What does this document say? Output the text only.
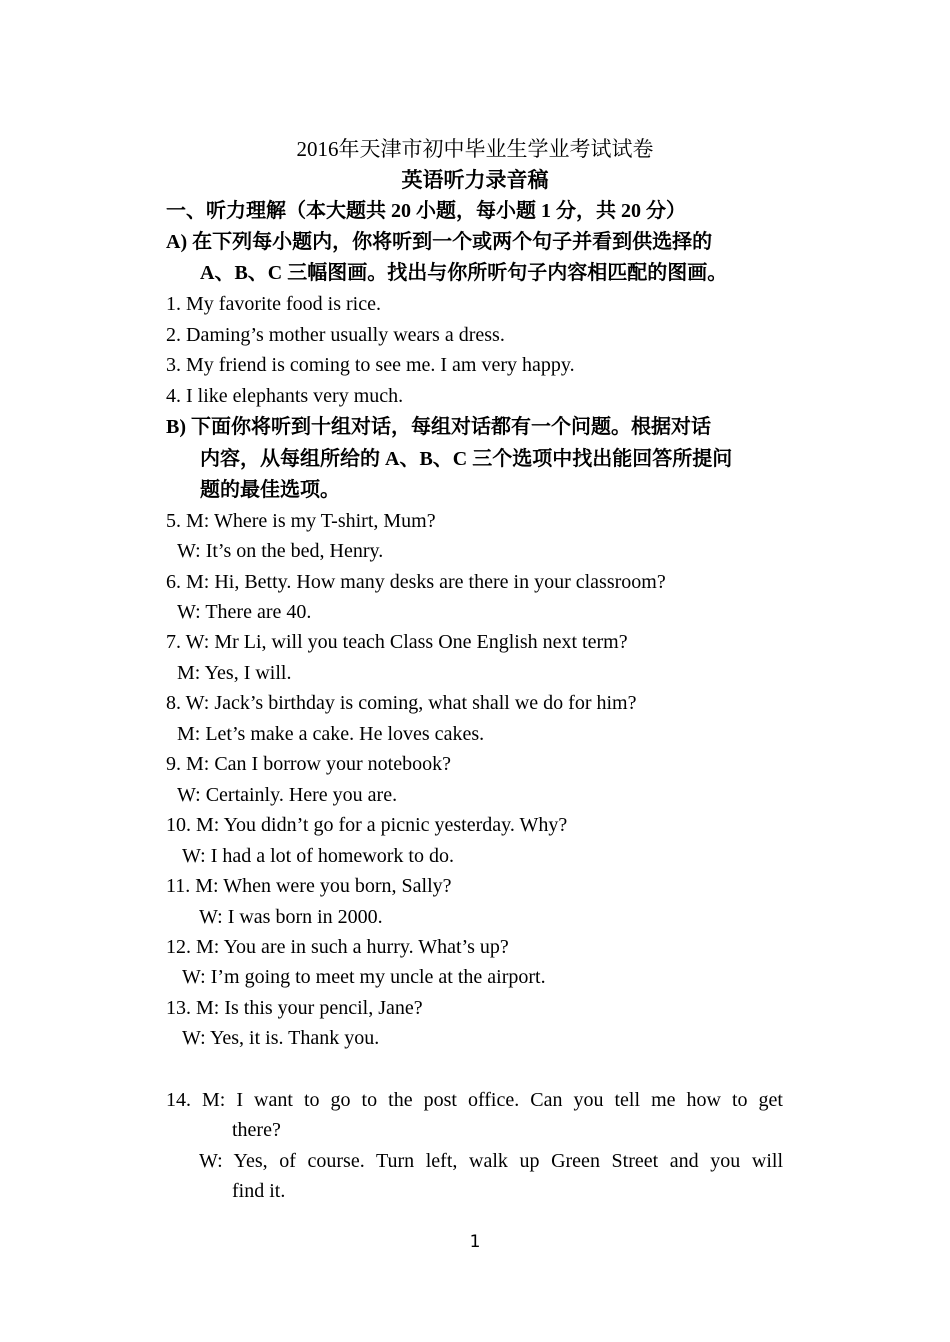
2016年天津市初中毕业生学业考试试卷
英语听力录音稿
一、听力理解（本大题共 20 小题，每小题 1 分，共 20 分）
A) 在下列每小题内，你将听到一个或两个句子并看到供选择的
A、B、C 三幅图画。找出与你所听句子内容相匹配的图画。
1. My favorite food is rice.
2. Daming’s mother usually wears a dress.
3. My friend is coming to see me. I am very happy.
4. I like elephants very much.
B) 下面你将听到十组对话，每组对话都有一个问题。根据对话
内容，从每组所给的 A、B、C 三个选项中找出能回答所提问
题的最佳选项。
5. M: Where is my T-shirt, Mum?
W: It’s on the bed, Henry.
6. M: Hi, Betty. How many desks are there in your classroom?
W: There are 40.
7. W: Mr Li, will you teach Class One English next term?
M: Yes, I will.
8. W: Jack’s birthday is coming, what shall we do for him?
M: Let’s make a cake. He loves cakes.
9. M: Can I borrow your notebook?
W: Certainly. Here you are.
10. M: You didn’t go for a picnic yesterday. Why?
W: I had a lot of homework to do.
11. M: When were you born, Sally?
W: I was born in 2000.
12. M: You are in such a hurry. What’s up?
W: I’m going to meet my uncle at the airport.
13. M: Is this your pencil, Jane?
W: Yes, it is. Thank you.
14. M: I want to go to the post office. Can you tell me how to get
there?
W: Yes, of course. Turn left, walk up Green Street and you will
find it.
1
